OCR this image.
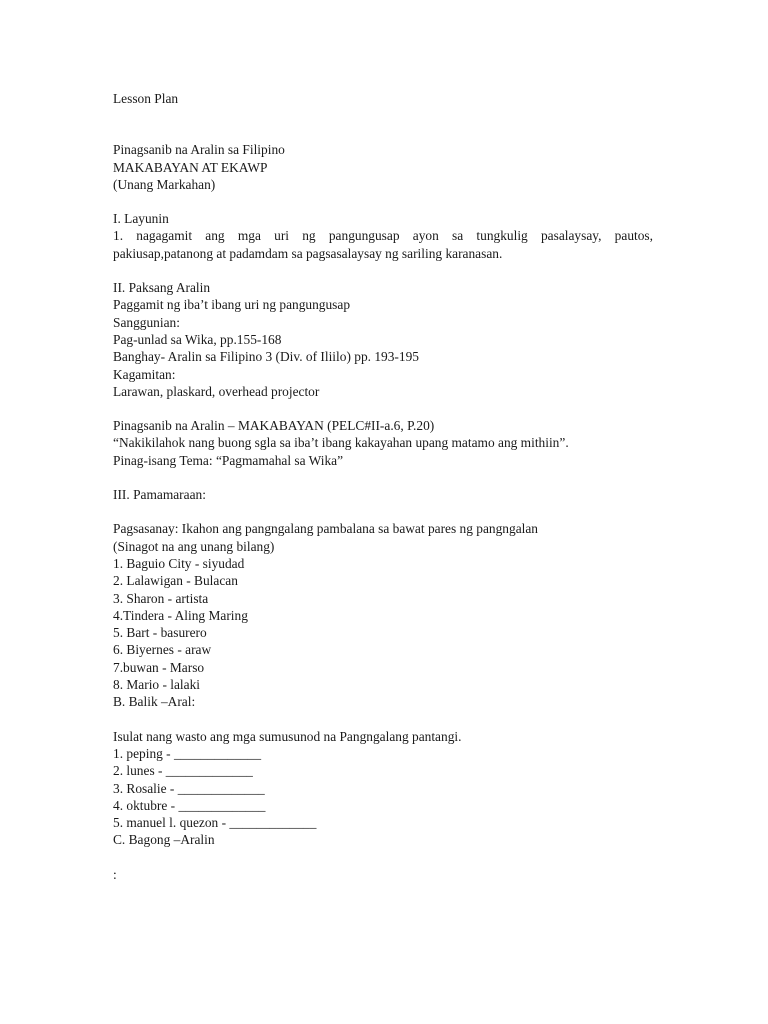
Lesson Plan
Pinagsanib na Aralin sa Filipino
MAKABAYAN AT EKAWP
(Unang Markahan)
I. Layunin
1. nagagamit ang mga uri ng pangungusap ayon sa tungkulig pasalaysay, pautos,
pakiusap,patanong at padamdam sa pagsasalaysay ng sariling karanasan.
II. Paksang Aralin
Paggamit ng iba’t ibang uri ng pangungusap
Sanggunian:
Pag-unlad sa Wika, pp.155-168
Banghay- Aralin sa Filipino 3 (Div. of Iliilo) pp. 193-195
Kagamitan:
Larawan, plaskard, overhead projector
Pinagsanib na Aralin – MAKABAYAN (PELC#II-a.6, P.20)
“Nakikilahok nang buong sgla sa iba’t ibang kakayahan upang matamo ang mithiin”.
Pinag-isang Tema: “Pagmamahal sa Wika”
III. Pamamaraan:
Pagsasanay: Ikahon ang pangngalang pambalana sa bawat pares ng pangngalan
(Sinagot na ang unang bilang)
1. Baguio City - siyudad
2. Lalawigan - Bulacan
3. Sharon - artista
4.Tindera - Aling Maring
5. Bart - basurero
6. Biyernes - araw
7.buwan - Marso
8. Mario - lalaki
B. Balik –Aral:
Isulat nang wasto ang mga sumusunod na Pangngalang pantangi.
1. peping - _____________
2. lunes - _____________
3. Rosalie - _____________
4. oktubre - _____________
5. manuel l. quezon - _____________
C. Bagong –Aralin
:
